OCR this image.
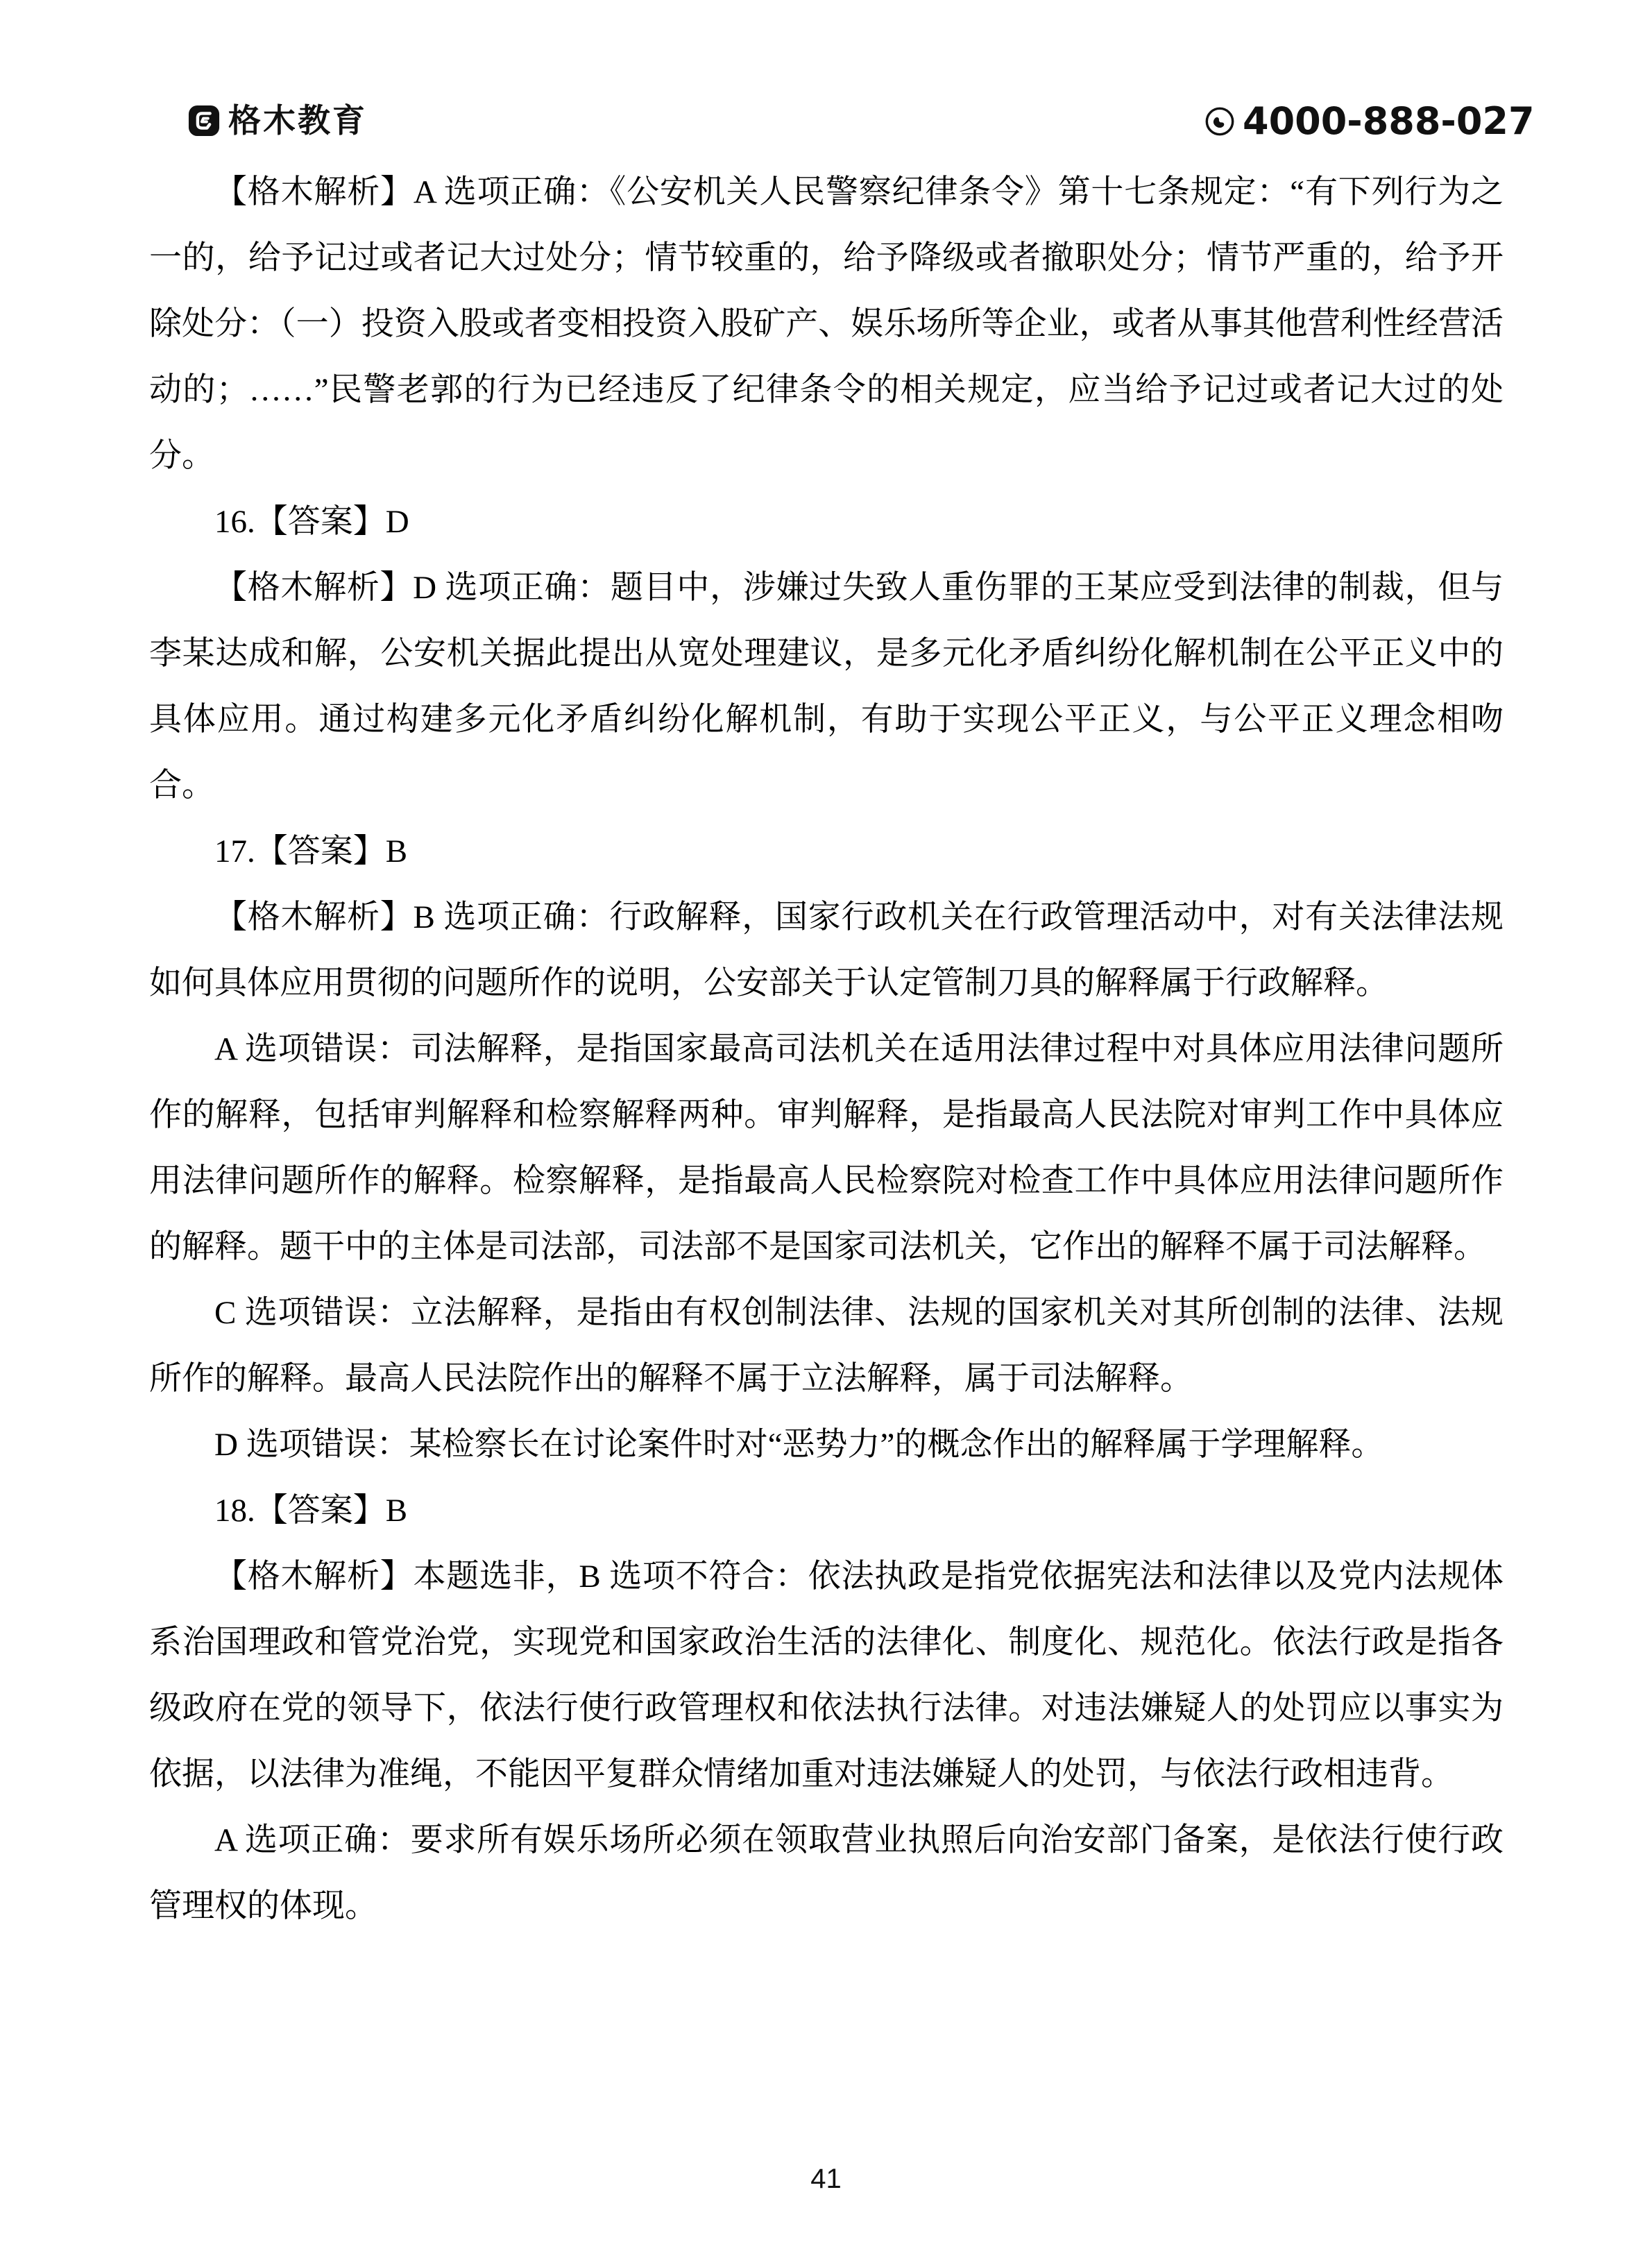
格木教育	4000-888-027

【格木解析】A 选项正确：《公安机关人民警察纪律条令》第十七条规定：“有下列行为之一的，给予记过或者记大过处分；情节较重的，给予降级或者撤职处分；情节严重的，给予开除处分：（一）投资入股或者变相投资入股矿产、娱乐场所等企业，或者从事其他营利性经营活动的；……”民警老郭的行为已经违反了纪律条令的相关规定，应当给予记过或者记大过的处分。

16.【答案】D

【格木解析】D 选项正确：题目中，涉嫌过失致人重伤罪的王某应受到法律的制裁，但与李某达成和解，公安机关据此提出从宽处理建议，是多元化矛盾纠纷化解机制在公平正义中的具体应用。通过构建多元化矛盾纠纷化解机制，有助于实现公平正义，与公平正义理念相吻合。

17.【答案】B

【格木解析】B 选项正确：行政解释，国家行政机关在行政管理活动中，对有关法律法规如何具体应用贯彻的问题所作的说明，公安部关于认定管制刀具的解释属于行政解释。

A 选项错误：司法解释，是指国家最高司法机关在适用法律过程中对具体应用法律问题所作的解释，包括审判解释和检察解释两种。审判解释，是指最高人民法院对审判工作中具体应用法律问题所作的解释。检察解释，是指最高人民检察院对检查工作中具体应用法律问题所作的解释。题干中的主体是司法部，司法部不是国家司法机关，它作出的解释不属于司法解释。

C 选项错误：立法解释，是指由有权创制法律、法规的国家机关对其所创制的法律、法规所作的解释。最高人民法院作出的解释不属于立法解释，属于司法解释。

D 选项错误：某检察长在讨论案件时对“恶势力”的概念作出的解释属于学理解释。

18.【答案】B

【格木解析】本题选非，B 选项不符合：依法执政是指党依据宪法和法律以及党内法规体系治国理政和管党治党，实现党和国家政治生活的法律化、制度化、规范化。依法行政是指各级政府在党的领导下，依法行使行政管理权和依法执行法律。对违法嫌疑人的处罚应以事实为依据，以法律为准绳，不能因平复群众情绪加重对违法嫌疑人的处罚，与依法行政相违背。

A 选项正确：要求所有娱乐场所必须在领取营业执照后向治安部门备案，是依法行使行政管理权的体现。

41
